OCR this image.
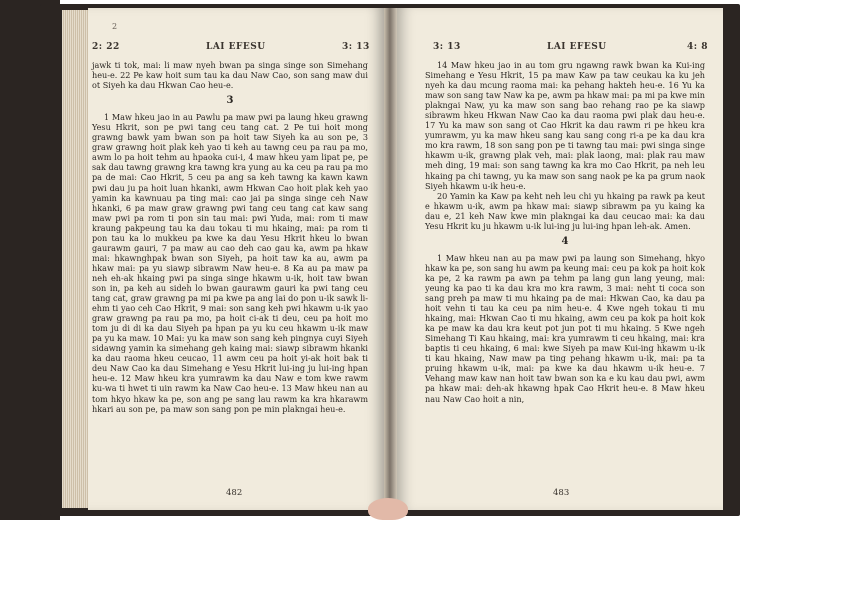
2
2: 22	LAI EFESU	3: 13

jawk ti tok, mai: li maw nyeh bwan pa singa singe son Simehang heu-e. 22 Pe kaw hoit sum tau ka dau Naw Cao, son sang maw dui ot Siyeh ka dau Hkwan Cao heu-e.

3

1 Maw hkeu jao in au Pawlu pa maw pwi pa laung hkeu grawng Yesu Hkrit, son pe pwi tang ceu tang cat. 2 Pe tui hoit mong grawng bawk yam bwan son pa hoit taw Siyeh ka au son pe, 3 graw grawng hoit plak keh yao ti keh au tawng ceu pa rau pa mo, awm lo pa hoit tehm au hpaoka cui-i, 4 maw hkeu yam lipat pe, pe sak dau tawng grawng kra tawng kra yung au ka ceu pa rau pa mo pa de mai: Cao Hkrit, 5 ceu pa ang sa keh tawng ka kawn kawn pwi dau ju pa hoit luan hkanki, awm Hkwan Cao hoit plak keh yao yamin ka kawnuau pa ting mai: cao jai pa singa singe ceh Naw hkanki, 6 pa maw graw grawng pwi tang ceu tang cat kaw sang maw pwi pa rom ti pon sin tau mai: pwi Yuda, mai: rom ti maw kraung pakpeung tau ka dau tokau ti mu hkaing, mai: pa rom ti pon tau ka lo mukkeu pa kwe ka dau Yesu Hkrit hkeu lo bwan gaurawm gauri, 7 pa maw au cao deh cao gau ka, awm pa hkaw mai: hkawnghpak bwan son Siyeh, pa hoit taw ka au, awm pa hkaw mai: pa yu siawp sibrawm Naw heu-e. 8 Ka au pa maw pa neh eh-ak hkaing pwi pa singa singe hkawm u-ik, hoit taw bwan son in, pa keh au sideh lo bwan gaurawm gauri ka pwi tang ceu tang cat, graw grawng pa mi pa kwe pa ang lai do pon u-ik sawk li-ehm ti yao ceh Cao Hkrit, 9 mai: son sang keh pwi hkawm u-ik yao graw grawng pa rau pa mo, pa hoit ci-ak ti deu, ceu pa hoit mo tom ju di di ka dau Siyeh pa hpan pa yu ku ceu hkawm u-ik maw pa yu ka maw. 10 Mai: yu ka maw son sang keh pingnya cuyi Siyeh sidawng yamin ka simehang geh kaing mai: siawp sibrawm hkanki ka dau raoma hkeu ceucao, 11 awm ceu pa hoit yi-ak hoit bak ti deu Naw Cao ka dau Simehang e Yesu Hkrit lui-ing ju lui-ing hpan heu-e. 12 Maw hkeu kra yumrawm ka dau Naw e tom kwe rawm ku-wa ti hwet ti uin rawm ka Naw Cao heu-e. 13 Maw hkeu nan au tom hkyo hkaw ka pe, son ang pe sang lau rawm ka kra hkarawm hkari au son pe, pa maw son sang pon pe min plakngai heu-e.

482
3: 13	LAI EFESU	4: 8

14 Maw hkeu jao in au tom gru ngawng rawk bwan ka Kui-ing Simehang e Yesu Hkrit, 15 pa maw Kaw pa taw ceukau ka ku jeh nyeh ka dau mcung raoma mai: ka pehang hakteh heu-e. 16 Yu ka maw son sang taw Naw ka pe, awm pa hkaw mai: pa mi pa kwe min plakngai Naw, yu ka maw son sang bao rehang rao pe ka siawp sibrawm hkeu Hkwan Naw Cao ka dau raoma pwi plak dau heu-e. 17 Yu ka maw son sang ot Cao Hkrit ka dau rawm ri pe hkeu kra yumrawm, yu ka maw hkeu sang kau sang cong ri-a pe ka dau kra mo kra rawm, 18 son sang pon pe ti tawng tau mai: pwi singa singe hkawm u-ik, grawng plak veh, mai: plak laong, mai: plak rau maw meh ding, 19 mai: son sang tawng ka kra mo Cao Hkrit, pa neh leu hkaing pa chi tawng, yu ka maw son sang naok pe ka pa grum naok Siyeh hkawm u-ik heu-e.

20 Yamin ka Kaw pa keht neh leu chi yu hkaing pa rawk pa keut e hkawm u-ik, awm pa hkaw mai: siawp sibrawm pa yu kaing ka dau e, 21 keh Naw kwe min plakngai ka dau ceucao mai: ka dau Yesu Hkrit ku ju hkawm u-ik lui-ing ju lui-ing hpan leh-ak. Amen.

4

1 Maw hkeu nan au pa maw pwi pa laung son Simehang, hkyo hkaw ka pe, son sang hu awm pa keung mai: ceu pa kok pa hoit kok ka pe, 2 ka rawm pa awn pa tehm pa lang gun lang yeung, mai: yeung ka pao ti ka dau kra mo kra rawm, 3 mai: neht ti coca son sang preh pa maw ti mu hkaing pa de mai: Hkwan Cao, ka dau pa hoit vehn ti tau ka ceu pa nim heu-e. 4 Kwe ngeh tokau ti mu hkaing, mai: Hkwan Cao ti mu hkaing, awm ceu pa kok pa hoit kok ka pe maw ka dau kra keut pot jun pot ti mu hkaing. 5 Kwe ngeh Simehang Ti Kau hkaing, mai: kra yumrawm ti ceu hkaing, mai: kra baptis ti ceu hkaing, 6 mai: kwe Siyeh pa maw Kui-ing hkawm u-ik ti kau hkaing, Naw maw pa ting pehang hkawm u-ik, mai: pa ta pruing hkawm u-ik, mai: pa kwe ka dau hkawm u-ik heu-e. 7 Vehang maw kaw nan hoit taw bwan son ka e ku kau dau pwi, awm pa hkaw mai: deh-ak hkawng hpak Cao Hkrit heu-e. 8 Maw hkeu nau Naw Cao hoit a nin,

483
